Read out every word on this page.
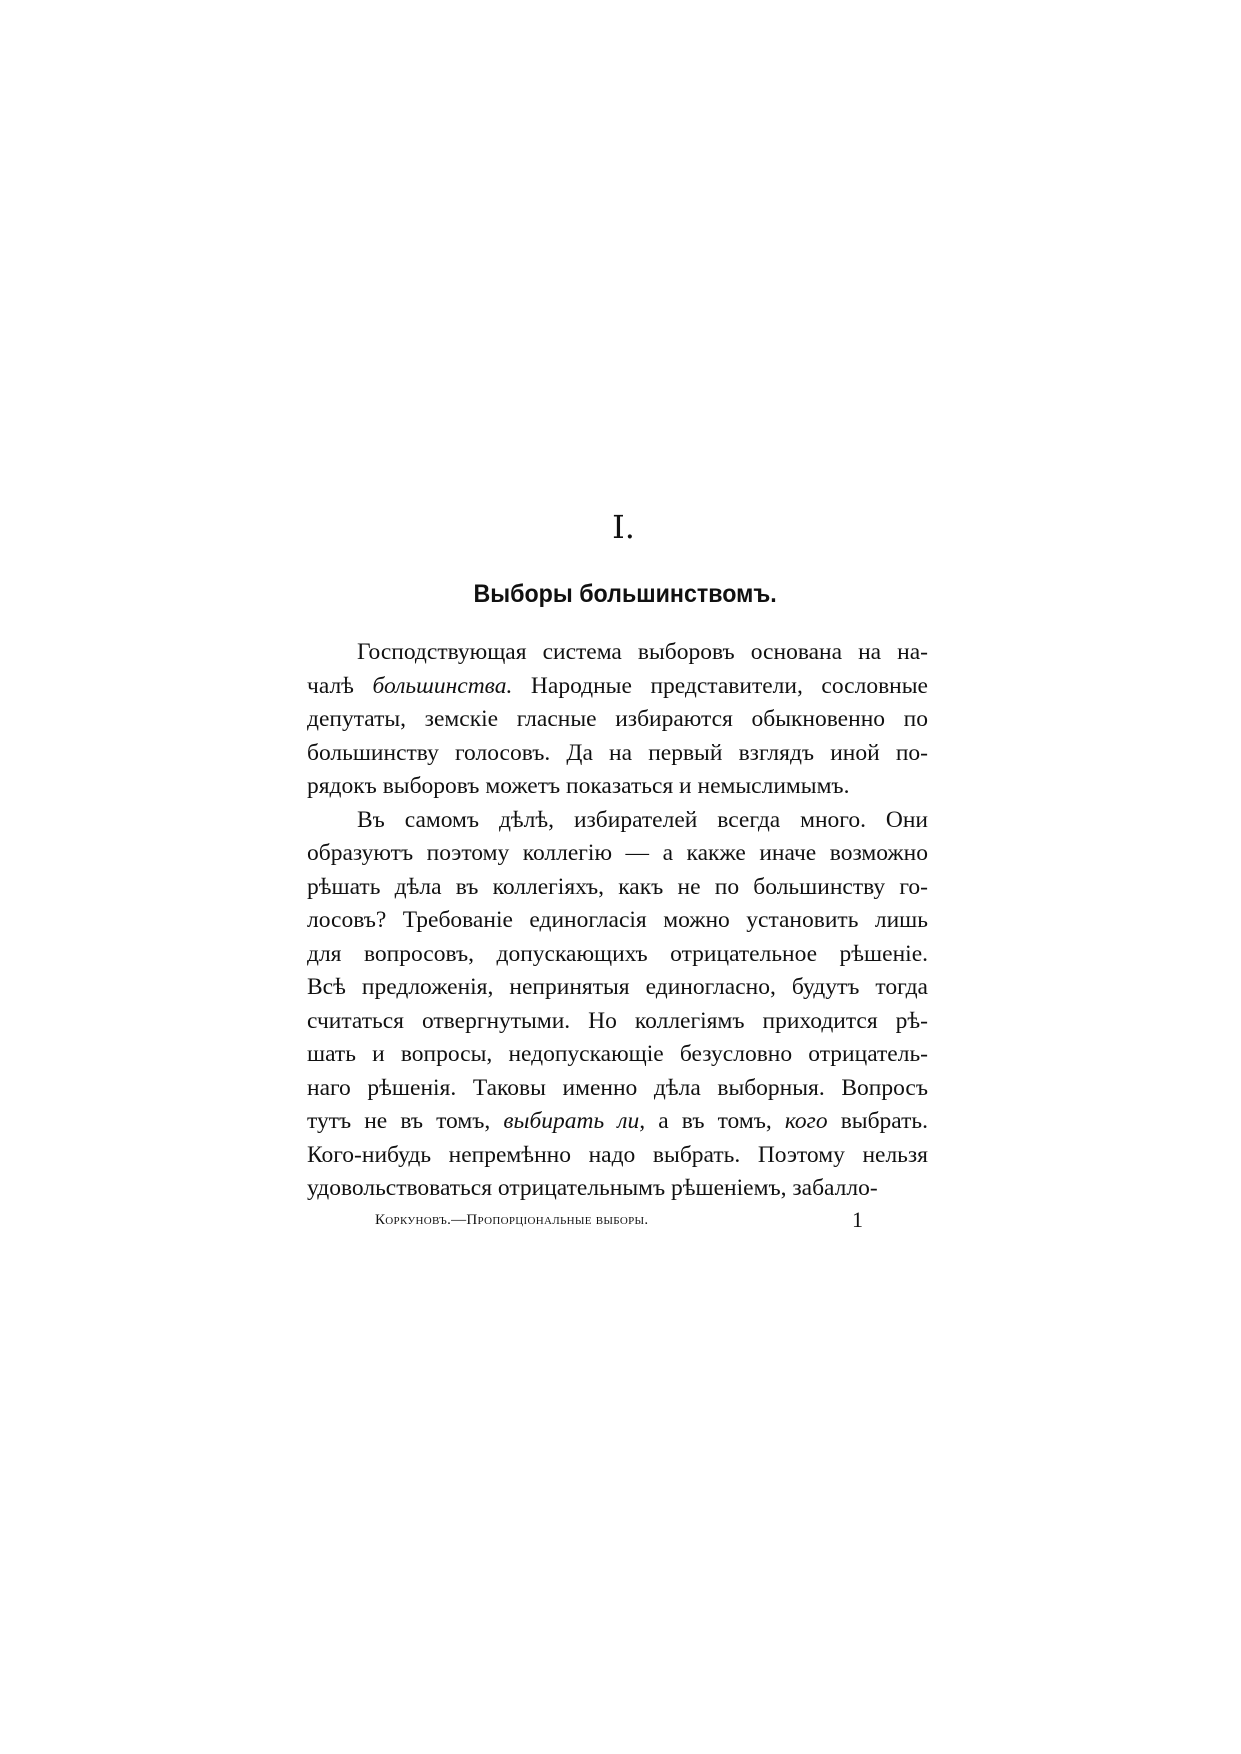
I.
Выборы большинствомъ.
Господствующая система выборовъ основана на на-
чалѣ большинства. Народные представители, сословные
депутаты, земскіе гласные избираются обыкновенно по
большинству голосовъ. Да на первый взглядъ иной по-
рядокъ выборовъ можетъ показаться и немыслимымъ.
Въ самомъ дѣлѣ, избирателей всегда много. Они
образуютъ поэтому коллегію — а какже иначе возможно
рѣшать дѣла въ коллегіяхъ, какъ не по большинству го-
лосовъ? Требованіе единогласія можно установить лишь
для вопросовъ, допускающихъ отрицательное рѣшеніе.
Всѣ предложенія, непринятыя единогласно, будутъ тогда
считаться отвергнутыми. Но коллегіямъ приходится рѣ-
шать и вопросы, недопускающіе безусловно отрицатель-
наго рѣшенія. Таковы именно дѣла выборныя. Вопросъ
тутъ не въ томъ, выбирать ли, а въ томъ, кого выбрать.
Кого-нибудь непремѣнно надо выбрать. Поэтому нельзя
удовольствоваться отрицательнымъ рѣшеніемъ, забалло-
Коркуновъ.—Пропорціональные выборы.	1
